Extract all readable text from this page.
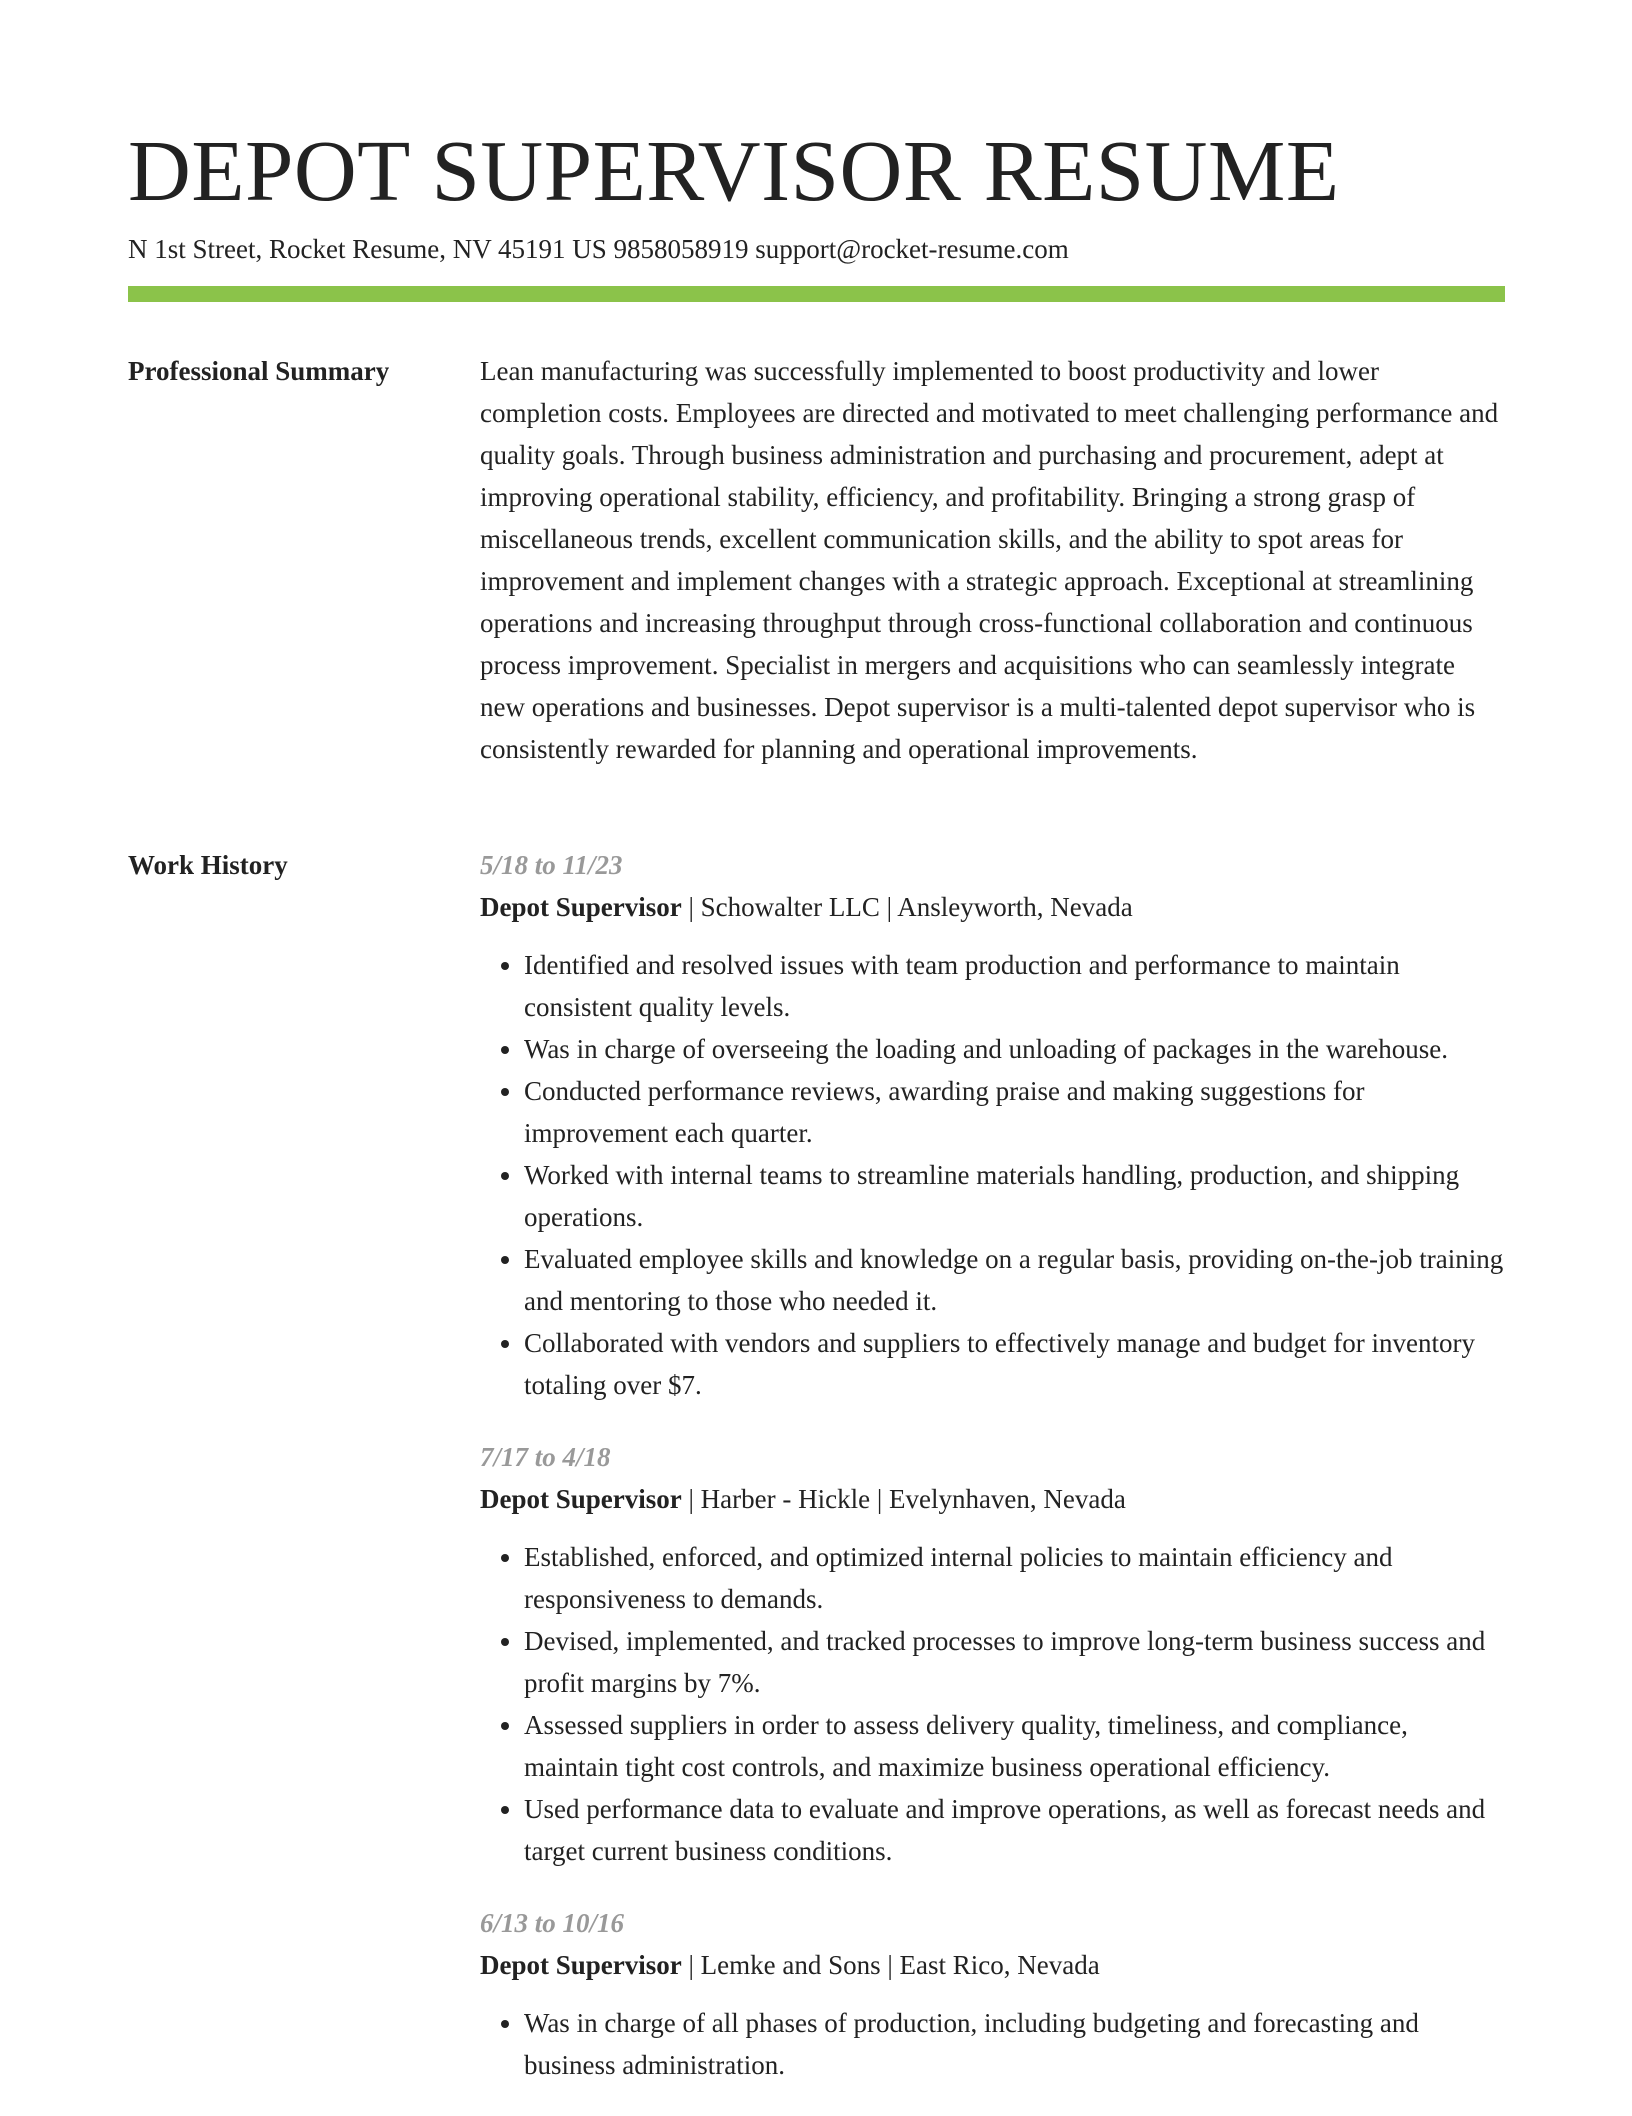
DEPOT SUPERVISOR RESUME
N 1st Street, Rocket Resume, NV 45191 US 9858058919 support@rocket-resume.com
Professional Summary	Lean manufacturing was successfully implemented to boost productivity and lower completion costs. Employees are directed and motivated to meet challenging performance and quality goals. Through business administration and purchasing and procurement, adept at improving operational stability, efficiency, and profitability. Bringing a strong grasp of miscellaneous trends, excellent communication skills, and the ability to spot areas for improvement and implement changes with a strategic approach. Exceptional at streamlining operations and increasing throughput through cross-functional collaboration and continuous process improvement. Specialist in mergers and acquisitions who can seamlessly integrate new operations and businesses. Depot supervisor is a multi-talented depot supervisor who is consistently rewarded for planning and operational improvements.

Work History	5/18 to 11/23
Depot Supervisor | Schowalter LLC | Ansleyworth, Nevada
• Identified and resolved issues with team production and performance to maintain consistent quality levels.
• Was in charge of overseeing the loading and unloading of packages in the warehouse.
• Conducted performance reviews, awarding praise and making suggestions for improvement each quarter.
• Worked with internal teams to streamline materials handling, production, and shipping operations.
• Evaluated employee skills and knowledge on a regular basis, providing on-the-job training and mentoring to those who needed it.
• Collaborated with vendors and suppliers to effectively manage and budget for inventory totaling over $7.
7/17 to 4/18
Depot Supervisor | Harber - Hickle | Evelynhaven, Nevada
• Established, enforced, and optimized internal policies to maintain efficiency and responsiveness to demands.
• Devised, implemented, and tracked processes to improve long-term business success and profit margins by 7%.
• Assessed suppliers in order to assess delivery quality, timeliness, and compliance, maintain tight cost controls, and maximize business operational efficiency.
• Used performance data to evaluate and improve operations, as well as forecast needs and target current business conditions.
6/13 to 10/16
Depot Supervisor | Lemke and Sons | East Rico, Nevada
• Was in charge of all phases of production, including budgeting and forecasting and business administration.
